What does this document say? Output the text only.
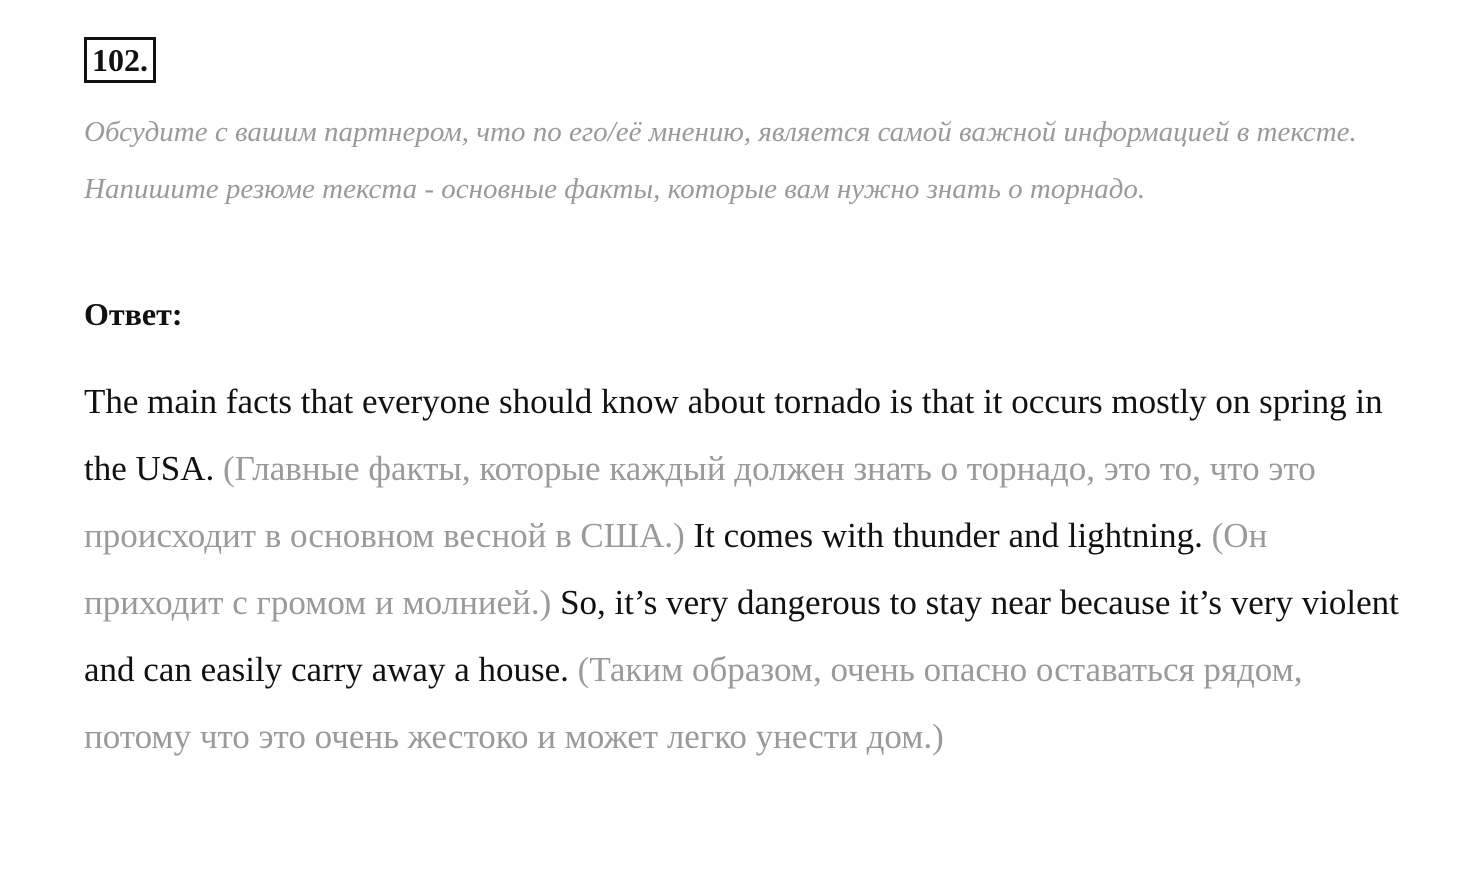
102.

Обсудите с вашим партнером, что по его/её мнению, является самой важной информацией в тексте. Напишите резюме текста - основные факты, которые вам нужно знать о торнадо.

Ответ:

The main facts that everyone should know about tornado is that it occurs mostly on spring in the USA. (Главные факты, которые каждый должен знать о торнадо, это то, что это происходит в основном весной в США.) It comes with thunder and lightning. (Он приходит с громом и молнией.) So, it’s very dangerous to stay near because it’s very violent and can easily carry away a house. (Таким образом, очень опасно оставаться рядом, потому что это очень жестоко и может легко унести дом.)
